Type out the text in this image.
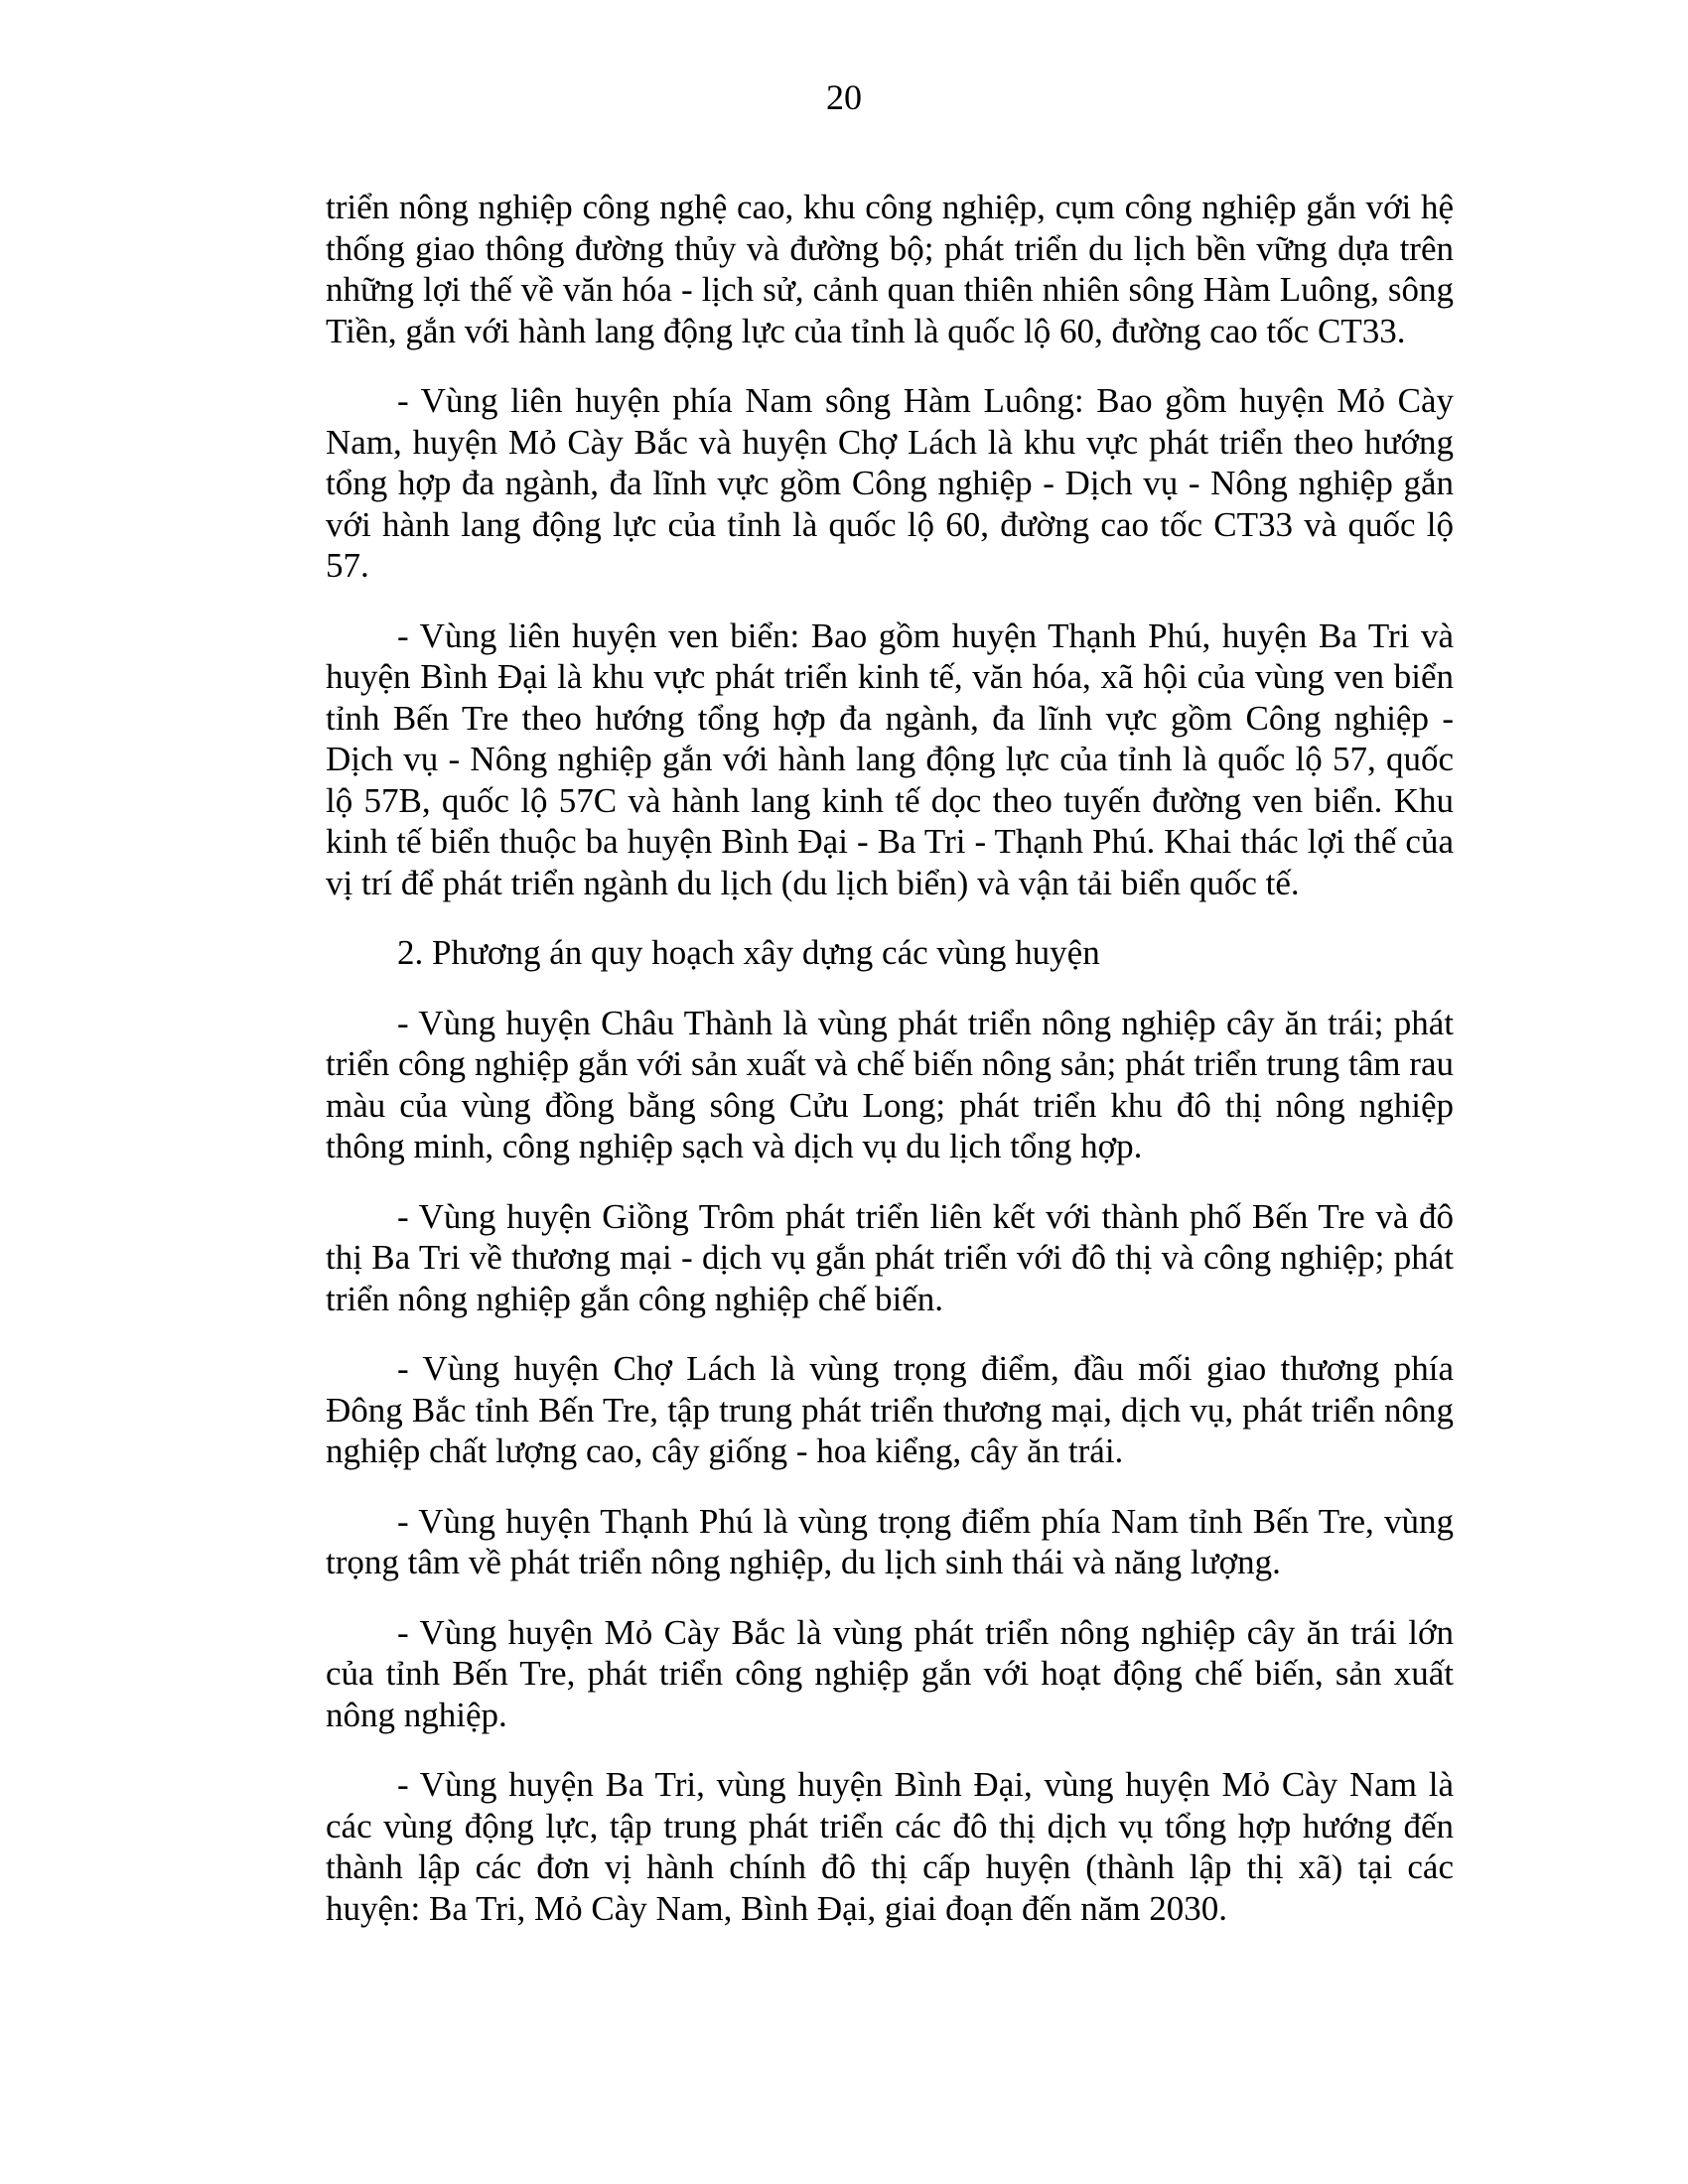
20

triển nông nghiệp công nghệ cao, khu công nghiệp, cụm công nghiệp gắn với hệ thống giao thông đường thủy và đường bộ; phát triển du lịch bền vững dựa trên những lợi thế về văn hóa - lịch sử, cảnh quan thiên nhiên sông Hàm Luông, sông Tiền, gắn với hành lang động lực của tỉnh là quốc lộ 60, đường cao tốc CT33.

- Vùng liên huyện phía Nam sông Hàm Luông: Bao gồm huyện Mỏ Cày Nam, huyện Mỏ Cày Bắc và huyện Chợ Lách là khu vực phát triển theo hướng tổng hợp đa ngành, đa lĩnh vực gồm Công nghiệp - Dịch vụ - Nông nghiệp gắn với hành lang động lực của tỉnh là quốc lộ 60, đường cao tốc CT33 và quốc lộ 57.

- Vùng liên huyện ven biển: Bao gồm huyện Thạnh Phú, huyện Ba Tri và huyện Bình Đại là khu vực phát triển kinh tế, văn hóa, xã hội của vùng ven biển tỉnh Bến Tre theo hướng tổng hợp đa ngành, đa lĩnh vực gồm Công nghiệp - Dịch vụ - Nông nghiệp gắn với hành lang động lực của tỉnh là quốc lộ 57, quốc lộ 57B, quốc lộ 57C và hành lang kinh tế dọc theo tuyến đường ven biển. Khu kinh tế biển thuộc ba huyện Bình Đại - Ba Tri - Thạnh Phú. Khai thác lợi thế của vị trí để phát triển ngành du lịch (du lịch biển) và vận tải biển quốc tế.

2. Phương án quy hoạch xây dựng các vùng huyện

- Vùng huyện Châu Thành là vùng phát triển nông nghiệp cây ăn trái; phát triển công nghiệp gắn với sản xuất và chế biến nông sản; phát triển trung tâm rau màu của vùng đồng bằng sông Cửu Long; phát triển khu đô thị nông nghiệp thông minh, công nghiệp sạch và dịch vụ du lịch tổng hợp.

- Vùng huyện Giồng Trôm phát triển liên kết với thành phố Bến Tre và đô thị Ba Tri về thương mại - dịch vụ gắn phát triển với đô thị và công nghiệp; phát triển nông nghiệp gắn công nghiệp chế biến.

- Vùng huyện Chợ Lách là vùng trọng điểm, đầu mối giao thương phía Đông Bắc tỉnh Bến Tre, tập trung phát triển thương mại, dịch vụ, phát triển nông nghiệp chất lượng cao, cây giống - hoa kiểng, cây ăn trái.

- Vùng huyện Thạnh Phú là vùng trọng điểm phía Nam tỉnh Bến Tre, vùng trọng tâm về phát triển nông nghiệp, du lịch sinh thái và năng lượng.

- Vùng huyện Mỏ Cày Bắc là vùng phát triển nông nghiệp cây ăn trái lớn của tỉnh Bến Tre, phát triển công nghiệp gắn với hoạt động chế biến, sản xuất nông nghiệp.

- Vùng huyện Ba Tri, vùng huyện Bình Đại, vùng huyện Mỏ Cày Nam là các vùng động lực, tập trung phát triển các đô thị dịch vụ tổng hợp hướng đến thành lập các đơn vị hành chính đô thị cấp huyện (thành lập thị xã) tại các huyện: Ba Tri, Mỏ Cày Nam, Bình Đại, giai đoạn đến năm 2030.
